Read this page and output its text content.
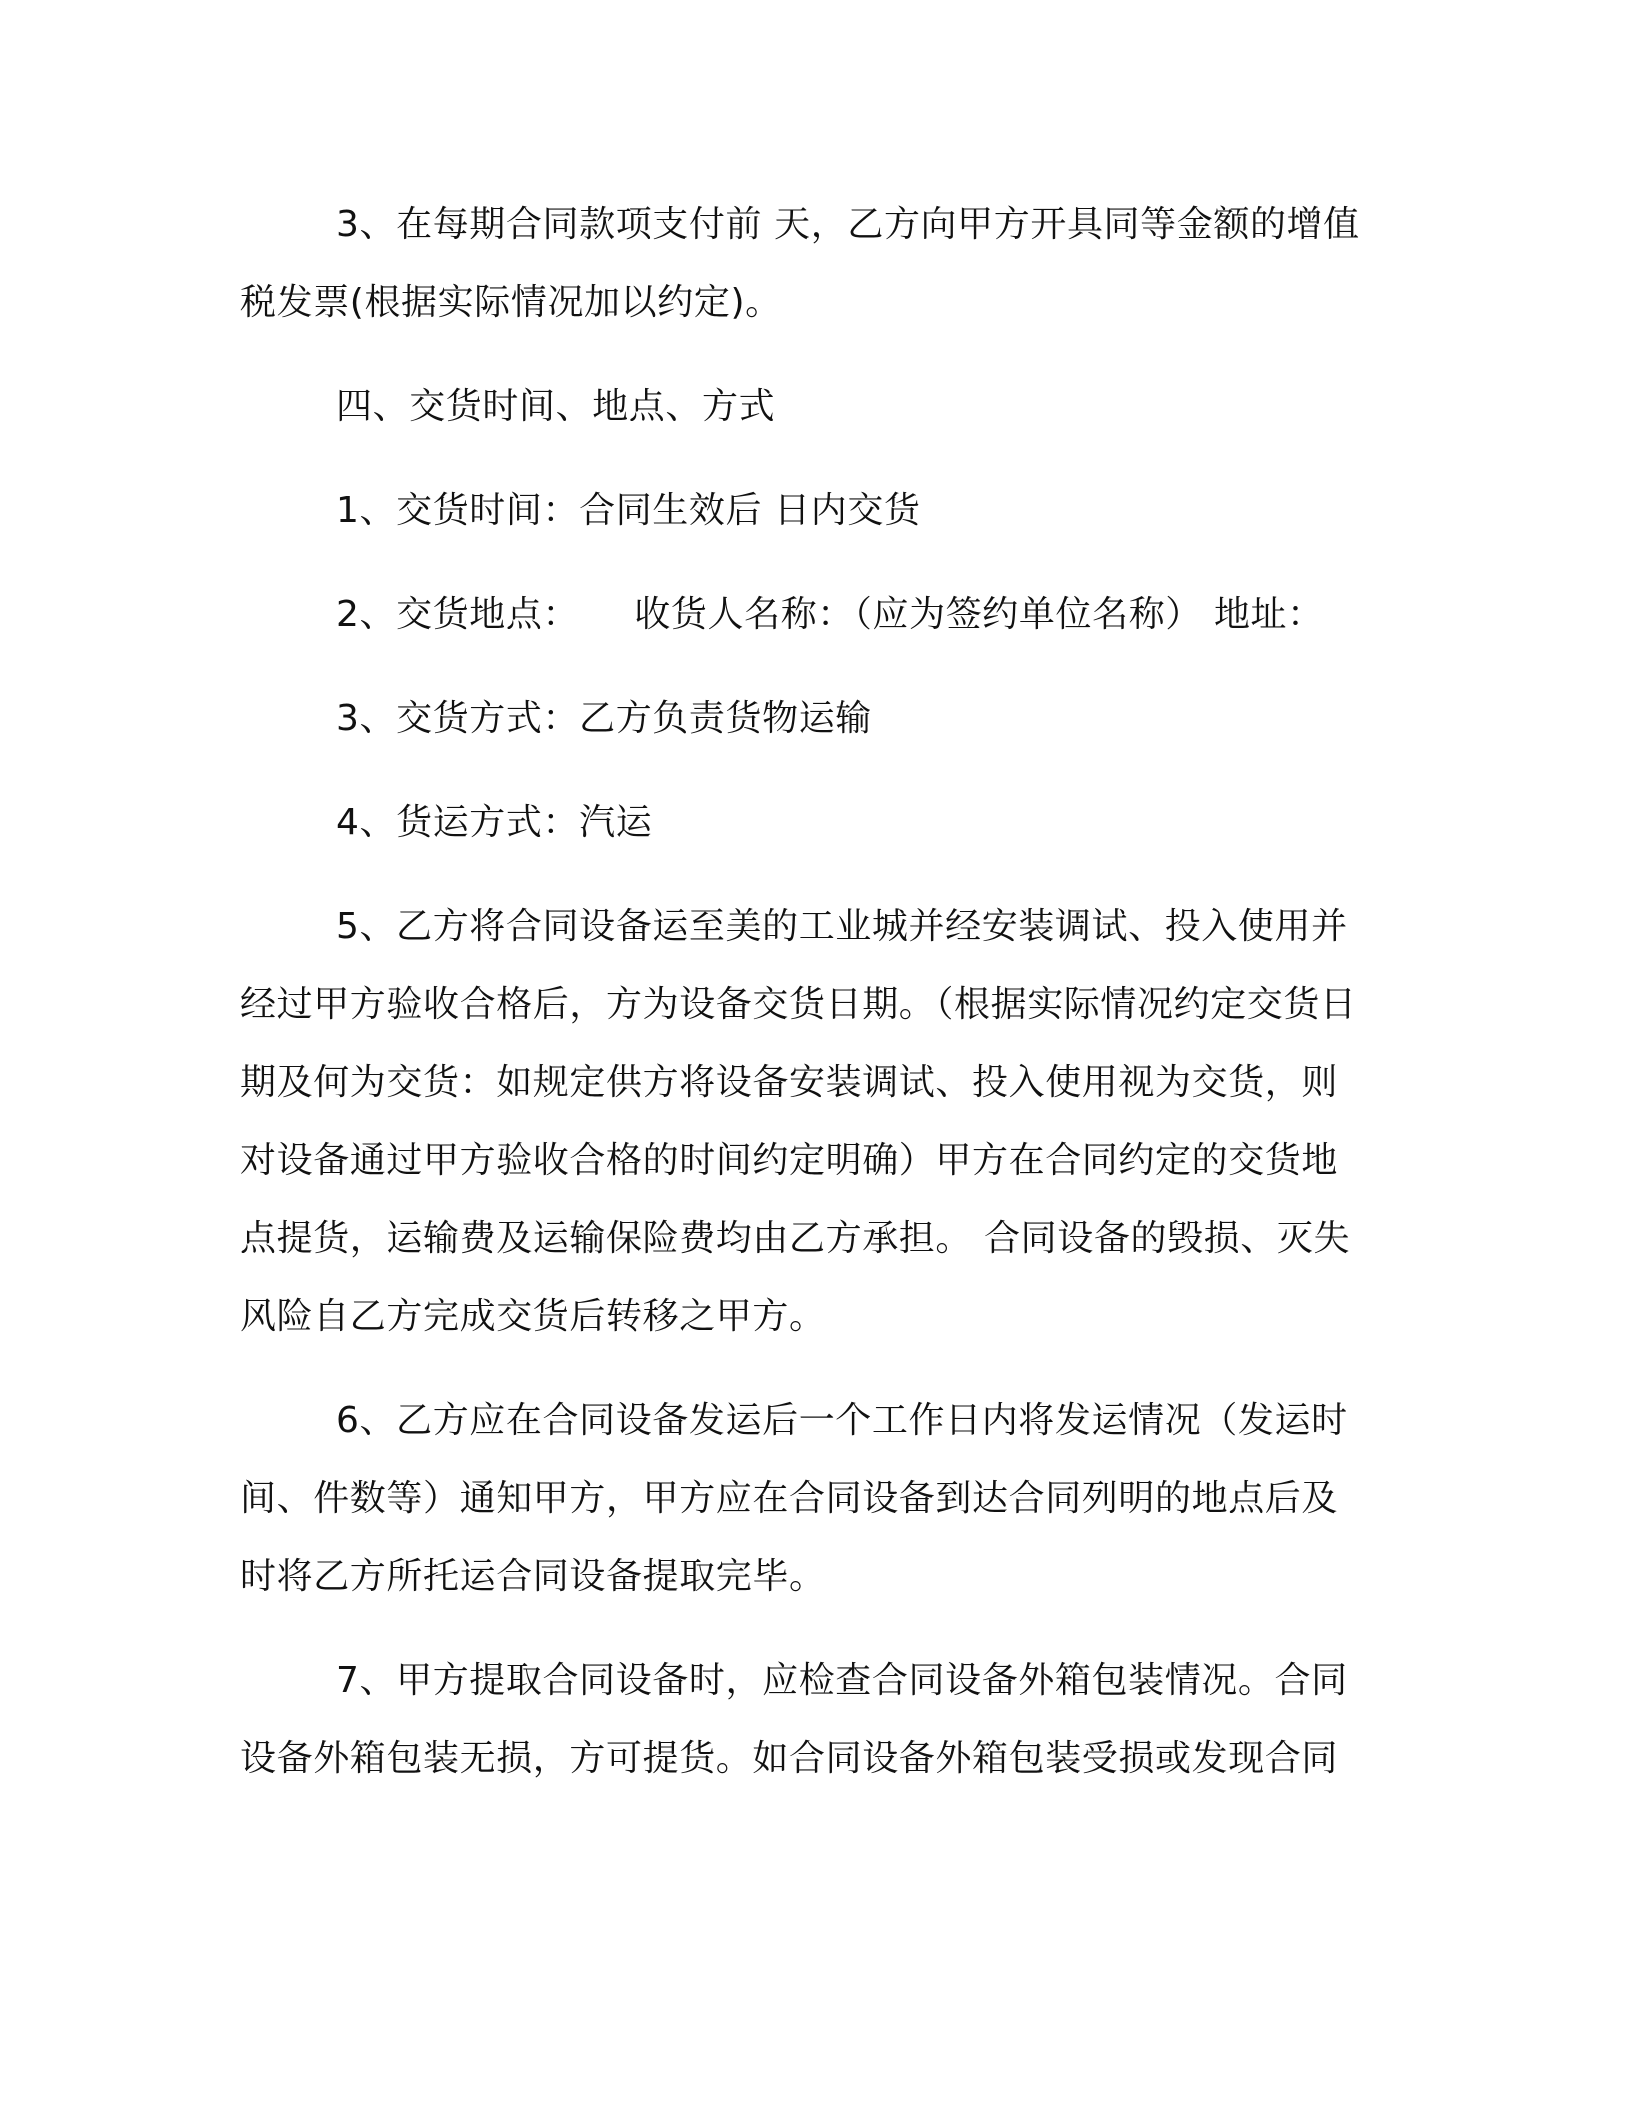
3、在每期合同款项支付前 天，乙方向甲方开具同等金额的增值税发票(根据实际情况加以约定)。

四、交货时间、地点、方式

1、交货时间：合同生效后 日内交货

2、交货地点：　　收货人名称：（应为签约单位名称） 地址：

3、交货方式：乙方负责货物运输

4、货运方式：汽运

5、乙方将合同设备运至美的工业城并经安装调试、投入使用并经过甲方验收合格后，方为设备交货日期。（根据实际情况约定交货日期及何为交货：如规定供方将设备安装调试、投入使用视为交货，则对设备通过甲方验收合格的时间约定明确）甲方在合同约定的交货地点提货，运输费及运输保险费均由乙方承担。 合同设备的毁损、灭失风险自乙方完成交货后转移之甲方。

6、乙方应在合同设备发运后一个工作日内将发运情况（发运时间、件数等）通知甲方，甲方应在合同设备到达合同列明的地点后及时将乙方所托运合同设备提取完毕。

7、甲方提取合同设备时，应检查合同设备外箱包装情况。合同设备外箱包装无损，方可提货。如合同设备外箱包装受损或发现合同
